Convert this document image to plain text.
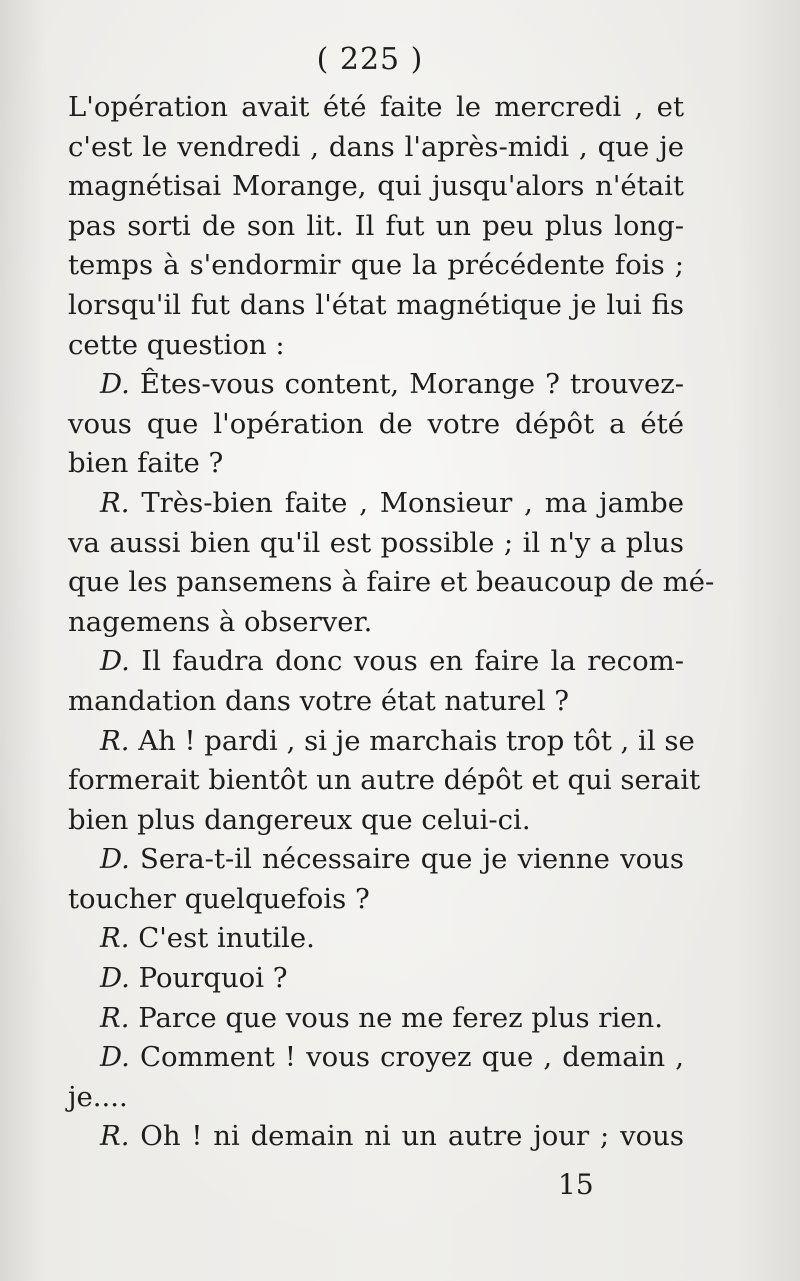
( 225 )
L'opération avait été faite le mercredi , et
c'est le vendredi , dans l'après-midi , que je
magnétisai Morange, qui jusqu'alors n'était
pas sorti de son lit. Il fut un peu plus long-
temps à s'endormir que la précédente fois ;
lorsqu'il fut dans l'état magnétique je lui fis
cette question :
D. Êtes-vous content, Morange ? trouvez-
vous que l'opération de votre dépôt a été
bien faite ?
R. Très-bien faite , Monsieur , ma jambe
va aussi bien qu'il est possible ; il n'y a plus
que les pansemens à faire et beaucoup de mé-
nagemens à observer.
D. Il faudra donc vous en faire la recom-
mandation dans votre état naturel ?
R. Ah ! pardi , si je marchais trop tôt , il se
formerait bientôt un autre dépôt et qui serait
bien plus dangereux que celui-ci.
D. Sera-t-il nécessaire que je vienne vous
toucher quelquefois ?
R. C'est inutile.
D. Pourquoi ?
R. Parce que vous ne me ferez plus rien.
D. Comment ! vous croyez que , demain ,
je....
R. Oh ! ni demain ni un autre jour ; vous
15
